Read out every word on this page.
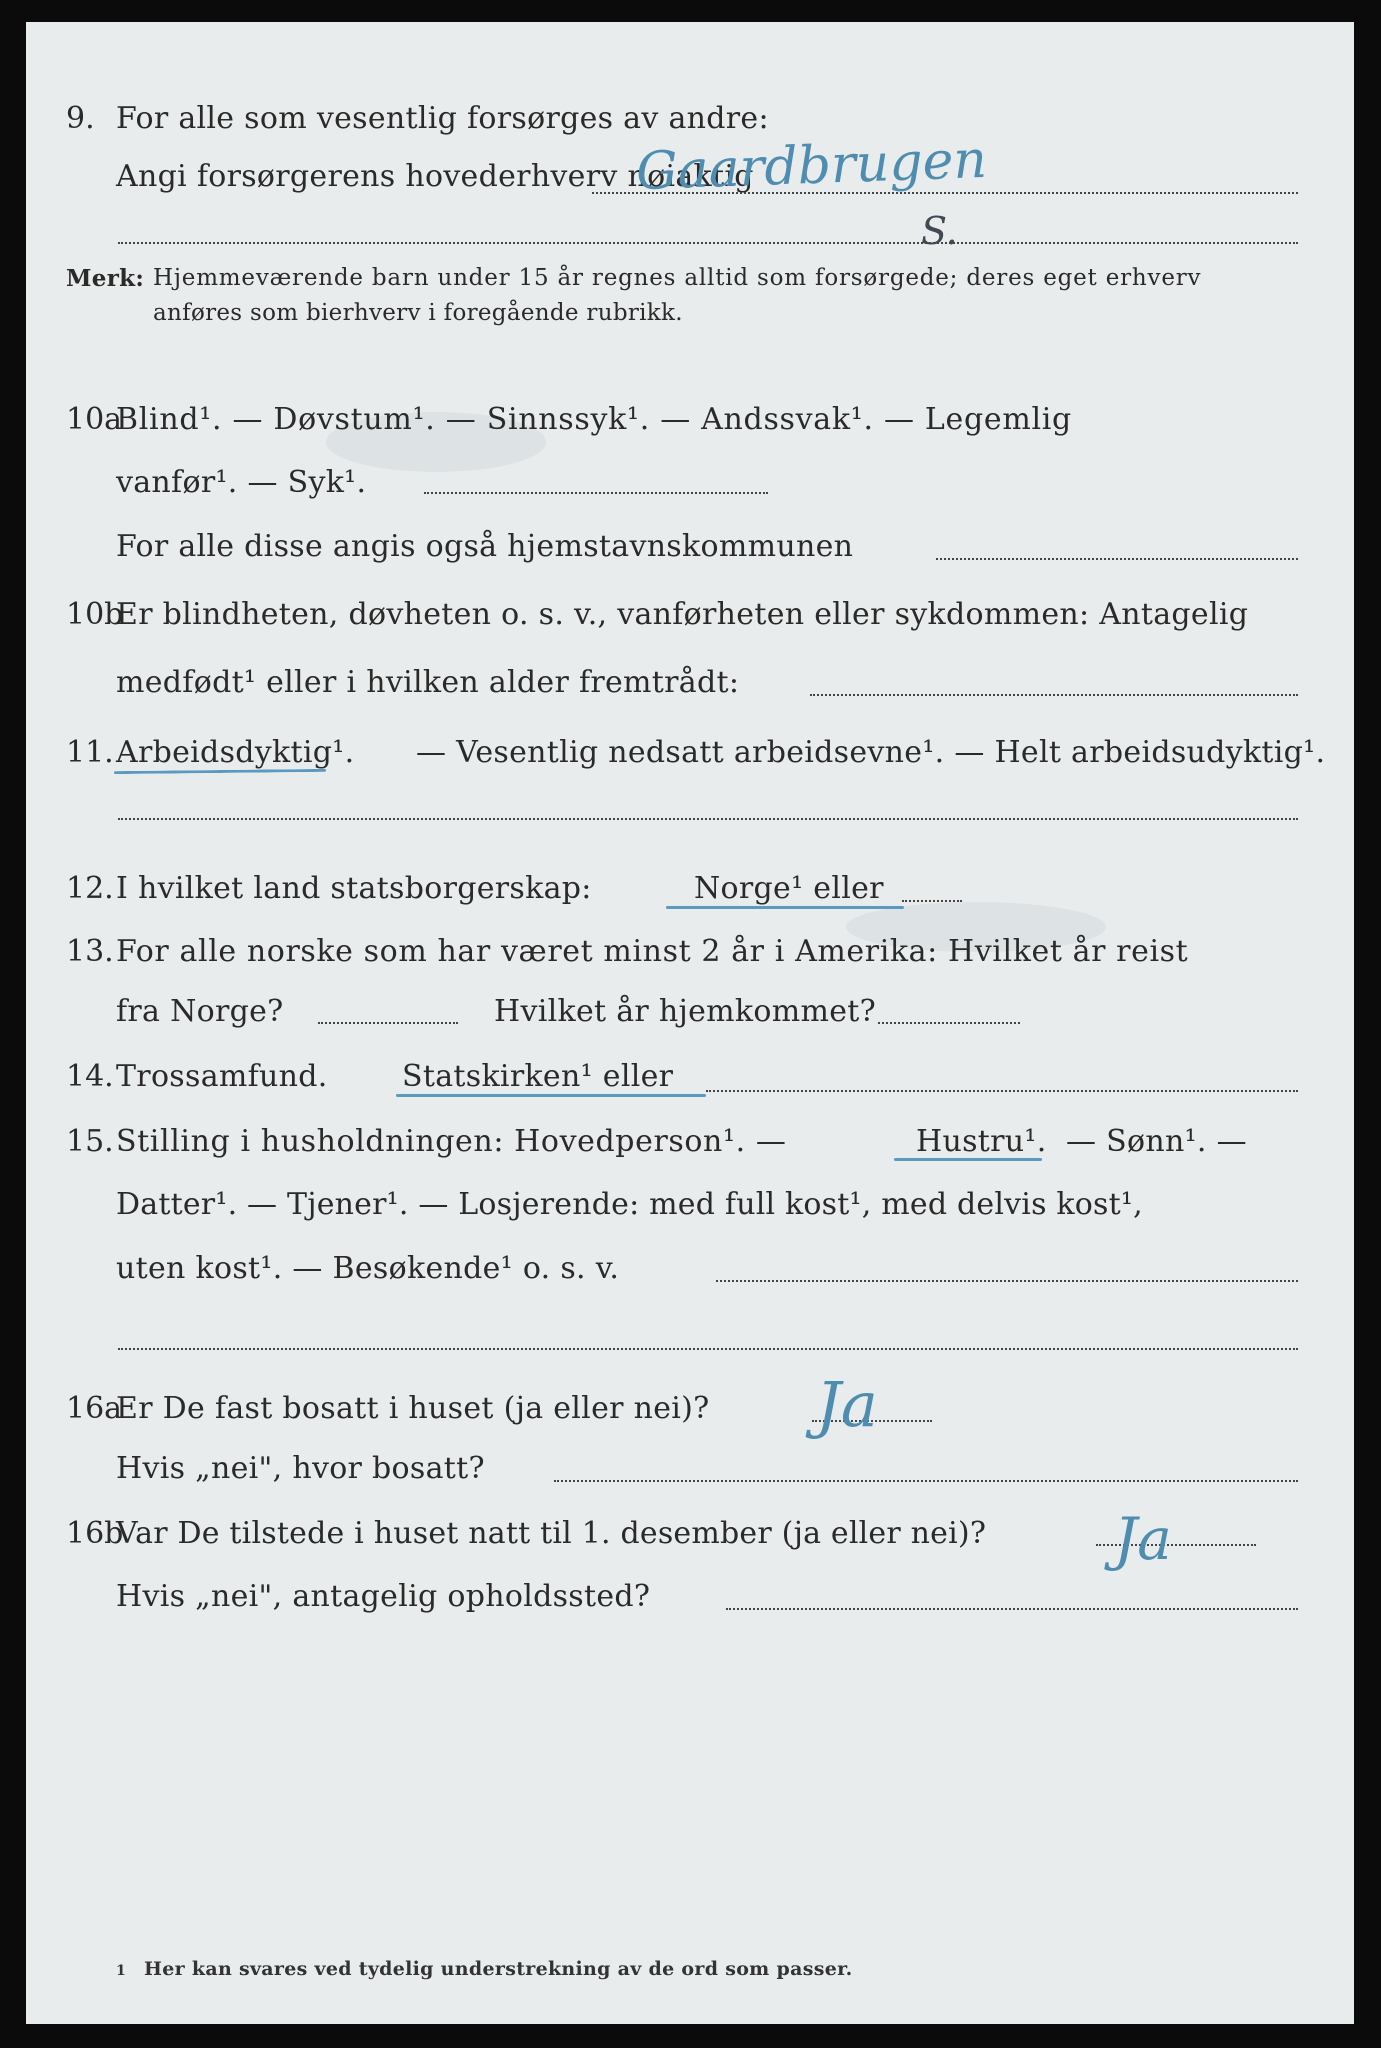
9. For alle som vesentlig forsørges av andre:
Angi forsørgerens hovederhverv nøiaktig
Gaardbrugen
S.
Merk: Hjemmeværende barn under 15 år regnes alltid som forsørgede; deres eget erhverv
anføres som bierhverv i foregående rubrikk.
10a
Blind¹. — Døvstum¹. — Sinnssyk¹. — Andssvak¹. — Legemlig
vanfør¹. — Syk¹.
For alle disse angis også hjemstavnskommunen
10b
Er blindheten, døvheten o. s. v., vanførheten eller sykdommen: Antagelig
medfødt¹ eller i hvilken alder fremtrådt:
11. Arbeidsdyktig¹. — Vesentlig nedsatt arbeidsevne¹. — Helt arbeidsudyktig¹.
12. I hvilket land statsborgerskap:	Norge¹ eller
13. For alle norske som har været minst 2 år i Amerika: Hvilket år reist
fra Norge?	Hvilket år hjemkommet?
14. Trossamfund. Statskirken¹ eller
15. Stilling i husholdningen: Hovedperson¹. —	Hustru¹. — Sønn¹. —
Datter¹. — Tjener¹. — Losjerende: med full kost¹, med delvis kost¹,
uten kost¹. — Besøkende¹ o. s. v.
16a
Er De fast bosatt i huset (ja eller nei)? Ja
Hvis „nei", hvor bosatt?
16b
Var De tilstede i huset natt til 1. desember (ja eller nei)? Ja
Hvis „nei", antagelig opholdssted?
1 Her kan svares ved tydelig understrekning av de ord som passer.
